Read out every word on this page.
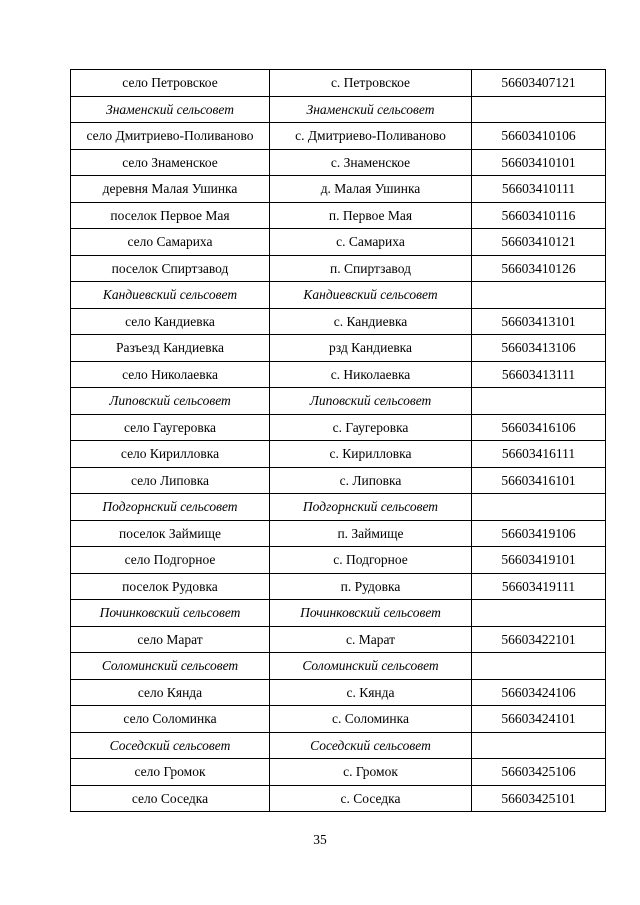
село Петровское	с. Петровское	56603407121
Знаменский сельсовет	Знаменский сельсовет	
село Дмитриево-Поливаново	с. Дмитриево-Поливаново	56603410106
село Знаменское	с. Знаменское	56603410101
деревня Малая Ушинка	д. Малая Ушинка	56603410111
поселок Первое Мая	п. Первое Мая	56603410116
село Самариха	с. Самариха	56603410121
поселок Спиртзавод	п. Спиртзавод	56603410126
Кандиевский сельсовет	Кандиевский сельсовет	
село Кандиевка	с. Кандиевка	56603413101
Разъезд Кандиевка	рзд Кандиевка	56603413106
село Николаевка	с. Николаевка	56603413111
Липовский сельсовет	Липовский сельсовет	
село Гаугеровка	с. Гаугеровка	56603416106
село Кирилловка	с. Кирилловка	56603416111
село Липовка	с. Липовка	56603416101
Подгорнский сельсовет	Подгорнский сельсовет	
поселок Займище	п. Займище	56603419106
село Подгорное	с. Подгорное	56603419101
поселок Рудовка	п. Рудовка	56603419111
Починковский сельсовет	Починковский сельсовет	
село Марат	с. Марат	56603422101
Соломинский сельсовет	Соломинский сельсовет	
село Кянда	с. Кянда	56603424106
село Соломинка	с. Соломинка	56603424101
Соседский сельсовет	Соседский сельсовет	
село Громок	с. Громок	56603425106
село Соседка	с. Соседка	56603425101
35
